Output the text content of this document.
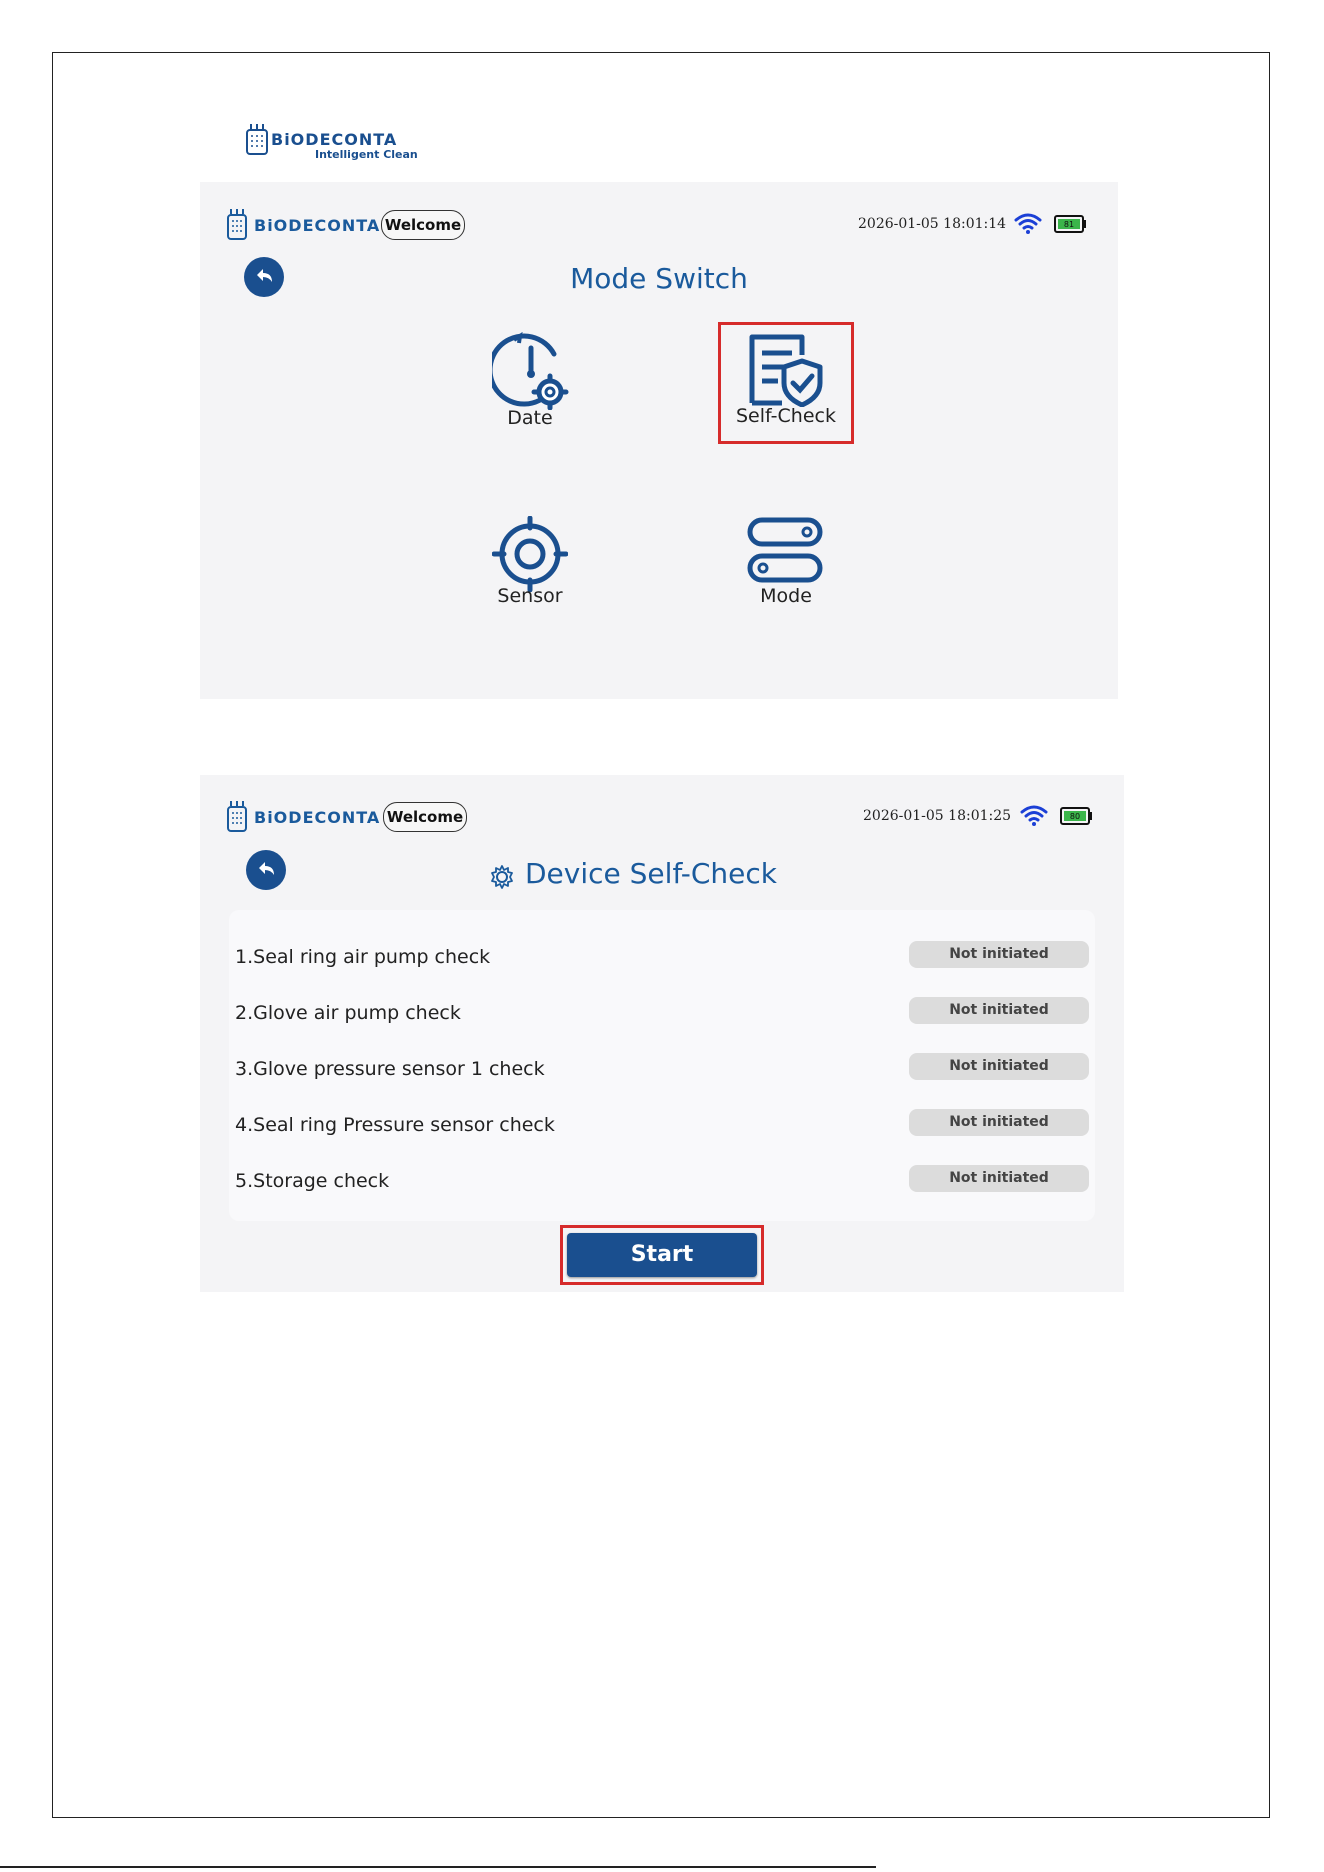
BiODECONTA
Intelligent Clean
BiODECONTA Welcome	2026-01-05 18:01:14	81
Mode Switch
Date	Self-Check
Sensor	Mode
BiODECONTA Welcome	2026-01-05 18:01:25	80
Device Self-Check
1.Seal ring air pump check	Not initiated
2.Glove air pump check	Not initiated
3.Glove pressure sensor 1 check	Not initiated
4.Seal ring Pressure sensor check	Not initiated
5.Storage check	Not initiated
Start
